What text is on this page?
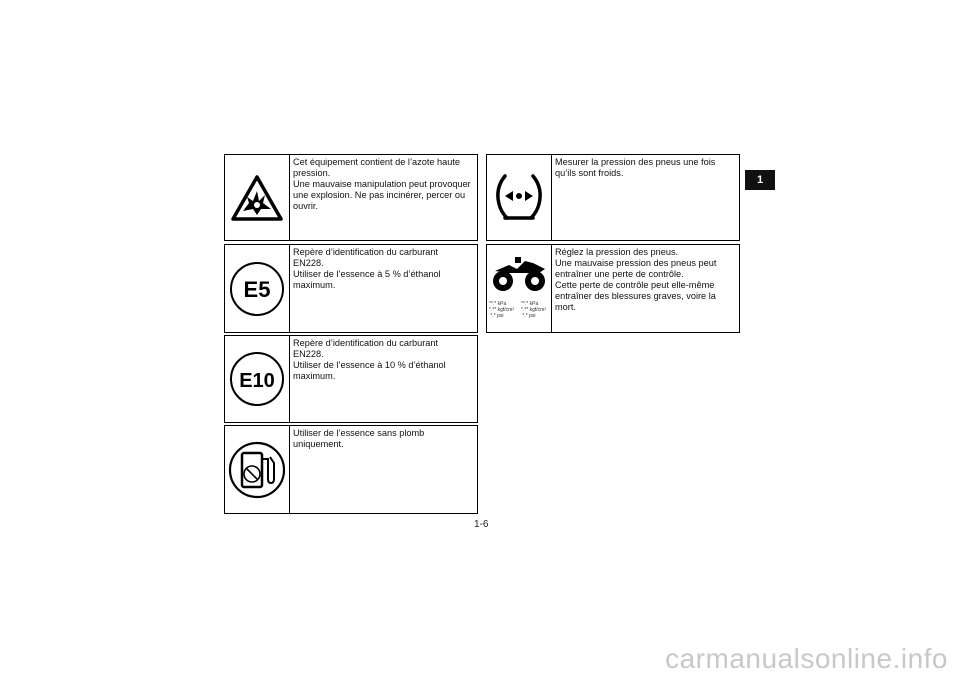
Cet équipement contient de l’azote haute
pression.
Une mauvaise manipulation peut provoquer
une explosion. Ne pas incinérer, percer ou
ouvrir.
E5
Repère d’identification du carburant EN228.
Utiliser de l’essence à 5 % d’éthanol
maximum.
E10
Repère d’identification du carburant EN228.
Utiliser de l’essence à 10 % d’éthanol
maximum.
Utiliser de l’essence sans plomb
uniquement.
Mesurer la pression des pneus une fois
qu’ils sont froids.
**.* kPa
*.** kgf/cm²
*.* psi
**.* kPa
*.** kgf/cm²
*.* psi
Réglez la pression des pneus.
Une mauvaise pression des pneus peut
entraîner une perte de contrôle.
Cette perte de contrôle peut elle-même
entraîner des blessures graves, voire la
mort.
1-6
1
carmanualsonline.info
